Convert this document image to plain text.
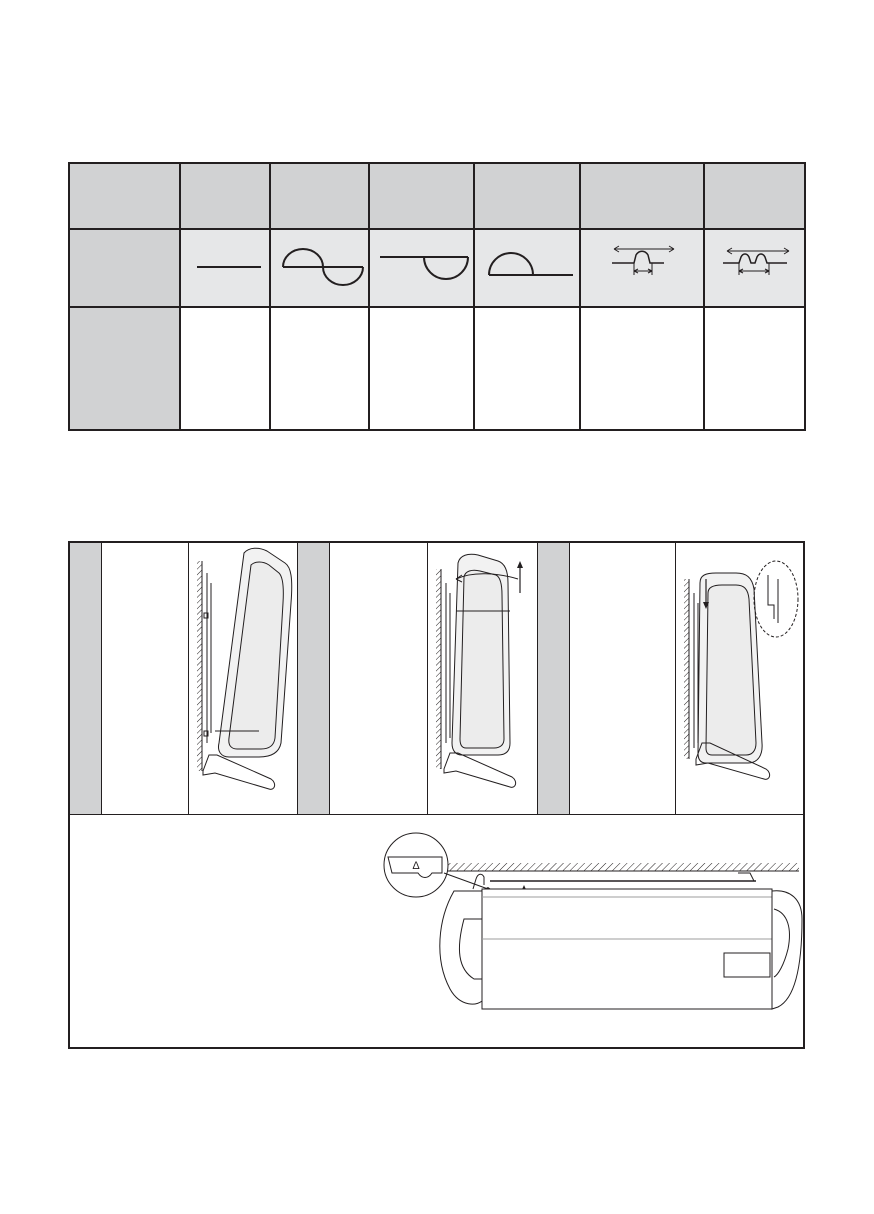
Δ
